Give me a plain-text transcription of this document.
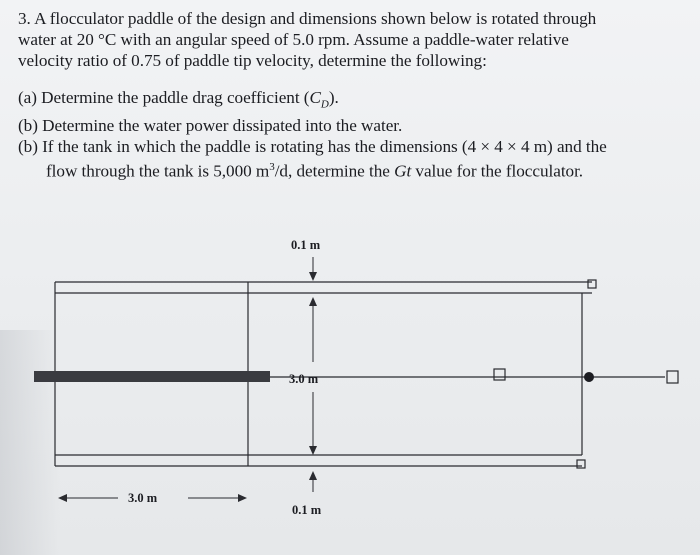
3. A flocculator paddle of the design and dimensions shown below is rotated through
water at 20 °C with an angular speed of 5.0 rpm. Assume a paddle-water relative
velocity ratio of 0.75 of paddle tip velocity, determine the following:
(a) Determine the paddle drag coefficient $(C_D)$.
(b) Determine the water power dissipated into the water.
(b) If the tank in which the paddle is rotating has the dimensions (4 × 4 × 4 m) and the
flow through the tank is 5,000 $m^3/d$, determine the Gt value for the flocculator.
0.1 m
3.0 m
0.1 m
3.0 m
